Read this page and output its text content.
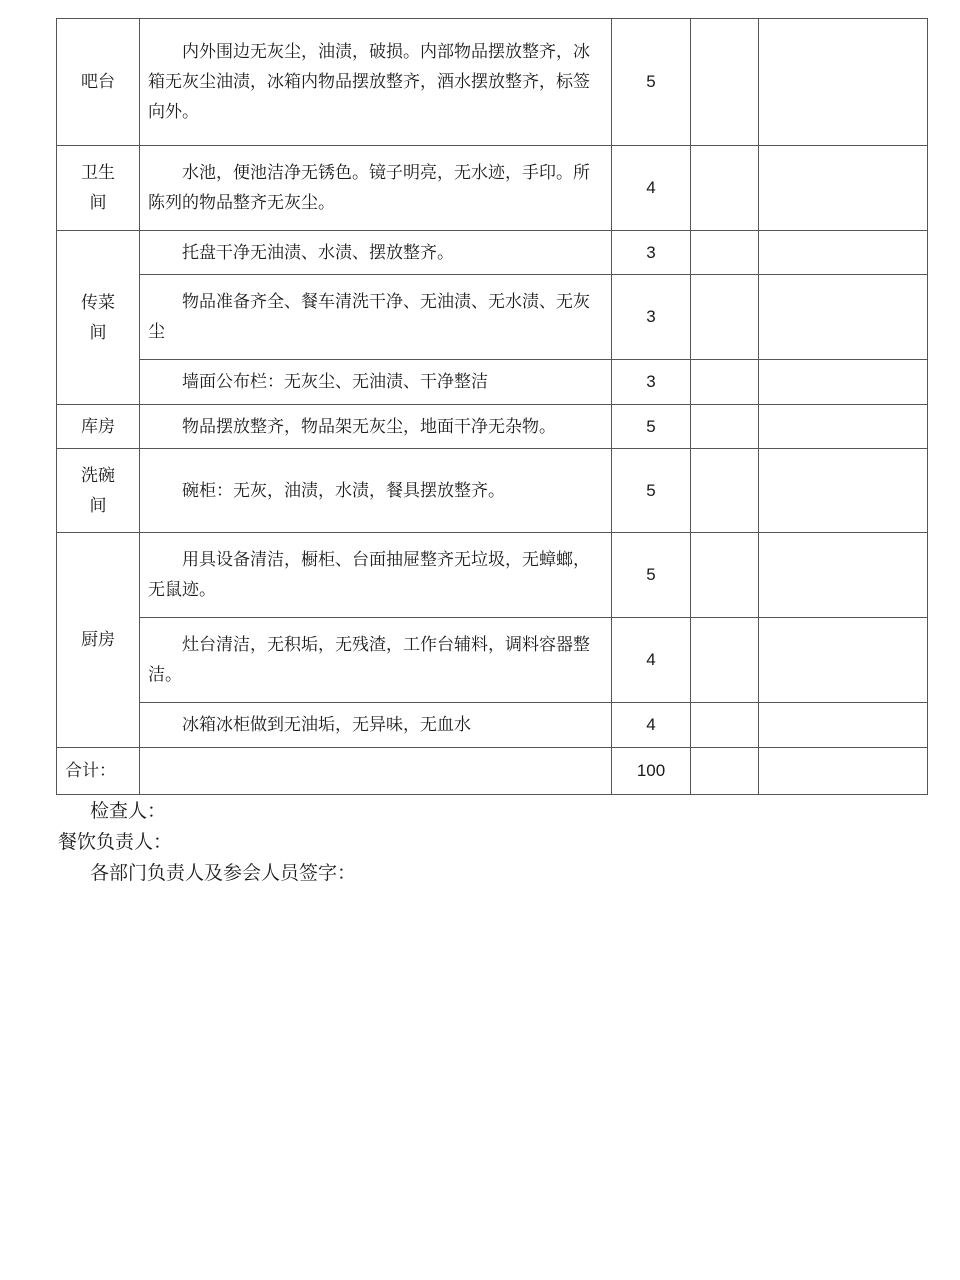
吧台	内外围边无灰尘，油渍，破损。内部物品摆放整齐，冰箱无灰尘油渍，冰箱内物品摆放整齐，酒水摆放整齐，标签向外。	5		
卫生
间	水池，便池洁净无锈色。镜子明亮，无水迹，手印。所陈列的物品整齐无灰尘。	4		
传菜
间	托盘干净无油渍、水渍、摆放整齐。	3		

	物品准备齐全、餐车清洗干净、无油渍、无水渍、无灰尘	3		

	墙面公布栏：无灰尘、无油渍、干净整洁	3		
库房	物品摆放整齐，物品架无灰尘，地面干净无杂物。	5		
洗碗
间	碗柜：无灰，油渍，水渍，餐具摆放整齐。	5		
厨房	用具设备清洁，橱柜、台面抽屉整齐无垃圾，无蟑螂，无鼠迹。	5		

	灶台清洁，无积垢，无残渣，工作台辅料，调料容器整洁。	4		

	冰箱冰柜做到无油垢，无异味，无血水	4		
合计：		100		
检查人：
餐饮负责人：
各部门负责人及参会人员签字：
